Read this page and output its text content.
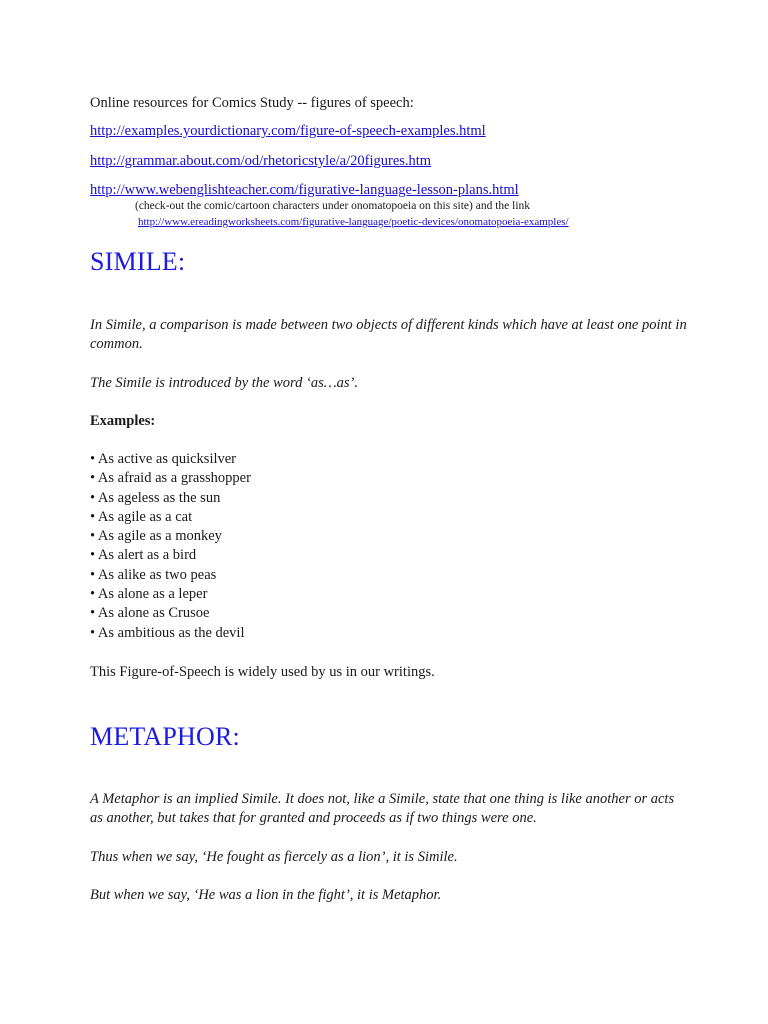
Online resources for Comics Study -- figures of speech:
http://examples.yourdictionary.com/figure-of-speech-examples.html
http://grammar.about.com/od/rhetoricstyle/a/20figures.htm
http://www.webenglishteacher.com/figurative-language-lesson-plans.html
(check-out the comic/cartoon characters under onomatopoeia on this site) and the link
http://www.ereadingworksheets.com/figurative-language/poetic-devices/onomatopoeia-examples/
SIMILE:
In Simile, a comparison is made between two objects of different kinds which have at least one point in common.
The Simile is introduced by the word ‘as…as’.
Examples:
• As active as quicksilver
• As afraid as a grasshopper
• As ageless as the sun
• As agile as a cat
• As agile as a monkey
• As alert as a bird
• As alike as two peas
• As alone as a leper
• As alone as Crusoe
• As ambitious as the devil
This Figure-of-Speech is widely used by us in our writings.
METAPHOR:
A Metaphor is an implied Simile. It does not, like a Simile, state that one thing is like another or acts as another, but takes that for granted and proceeds as if two things were one.
Thus when we say, ‘He fought as fiercely as a lion’, it is Simile.
But when we say, ‘He was a lion in the fight’, it is Metaphor.
